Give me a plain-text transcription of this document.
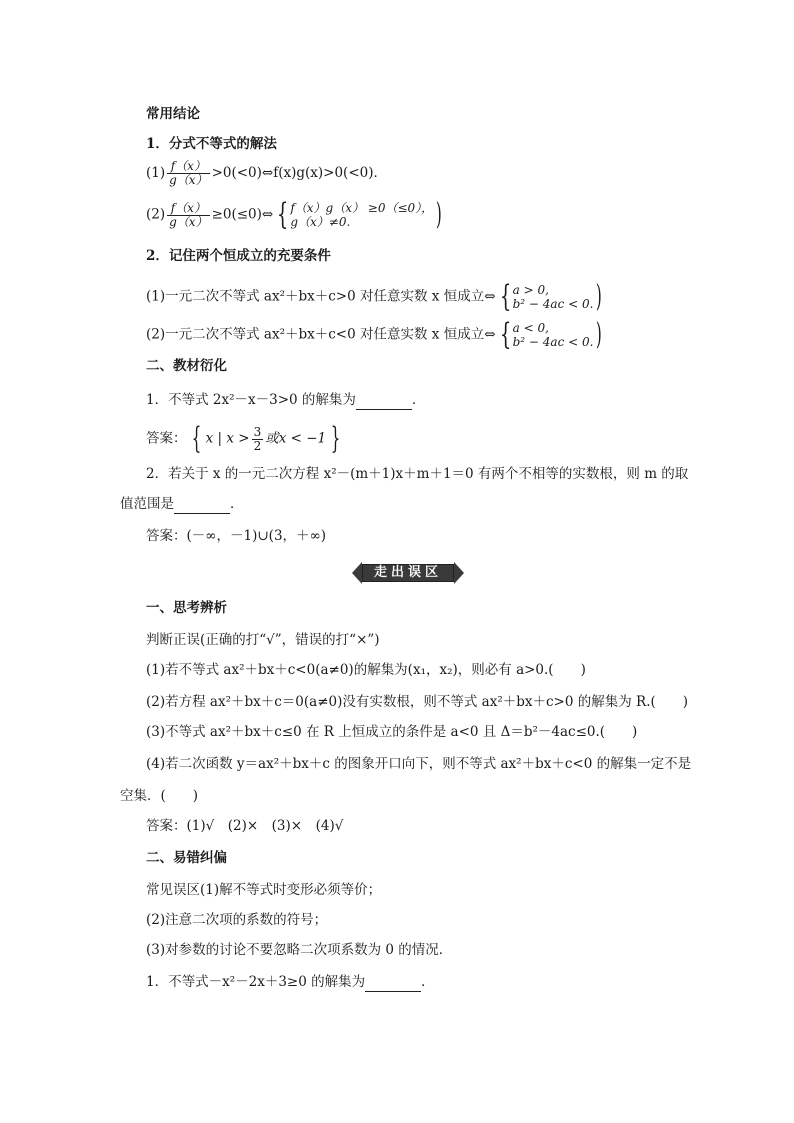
常用结论
1．分式不等式的解法
$(1) \frac{f(x)}{g(x)}$ >0(<0)⇔f(x)g(x)>0(<0)．
$(2) \frac{f(x)}{g(x)}$ ≥0(≤0)⇔ { f（x）g（x） ≥0（≤0），
g（x）≠0.	)
2．记住两个恒成立的充要条件
(1)一元二次不等式 ax²＋bx＋c>0 对任意实数 x 恒成立⇔ { a > 0,
b² − 4ac < 0. )
(2)一元二次不等式 ax²＋bx＋c<0 对任意实数 x 恒成立⇔ { a < 0,
b² − 4ac < 0. )
二、教材衍化
1．不等式 2x²－x－3>0 的解集为	．
答案： { x | $x > \frac{3}{2}$ 或x < −1 }
2．若关于 x 的一元二次方程 x²－(m＋1)x＋m＋1＝0 有两个不相等的实数根，则 m 的取
值范围是	．
答案：(－∞，－1)∪(3，＋∞)
走出误区
一、思考辨析
判断正误(正确的打“√”，错误的打“×”)
(1)若不等式 ax²＋bx＋c<0(a≠0)的解集为(x₁，x₂)，则必有 a>0.(　　)
(2)若方程 ax²＋bx＋c＝0(a≠0)没有实数根，则不等式 ax²＋bx＋c>0 的解集为 R.(　　)
(3)不等式 ax²＋bx＋c≤0 在 R 上恒成立的条件是 a<0 且 Δ＝b²－4ac≤0.(　　)
(4)若二次函数 y＝ax²＋bx＋c 的图象开口向下，则不等式 ax²＋bx＋c<0 的解集一定不是
空集．(　　)
答案：(1)√　(2)×　(3)×　(4)√
二、易错纠偏
常见误区(1)解不等式时变形必须等价；
(2)注意二次项的系数的符号；
(3)对参数的讨论不要忽略二次项系数为 0 的情况．
1．不等式－x²－2x＋3≥0 的解集为	．
